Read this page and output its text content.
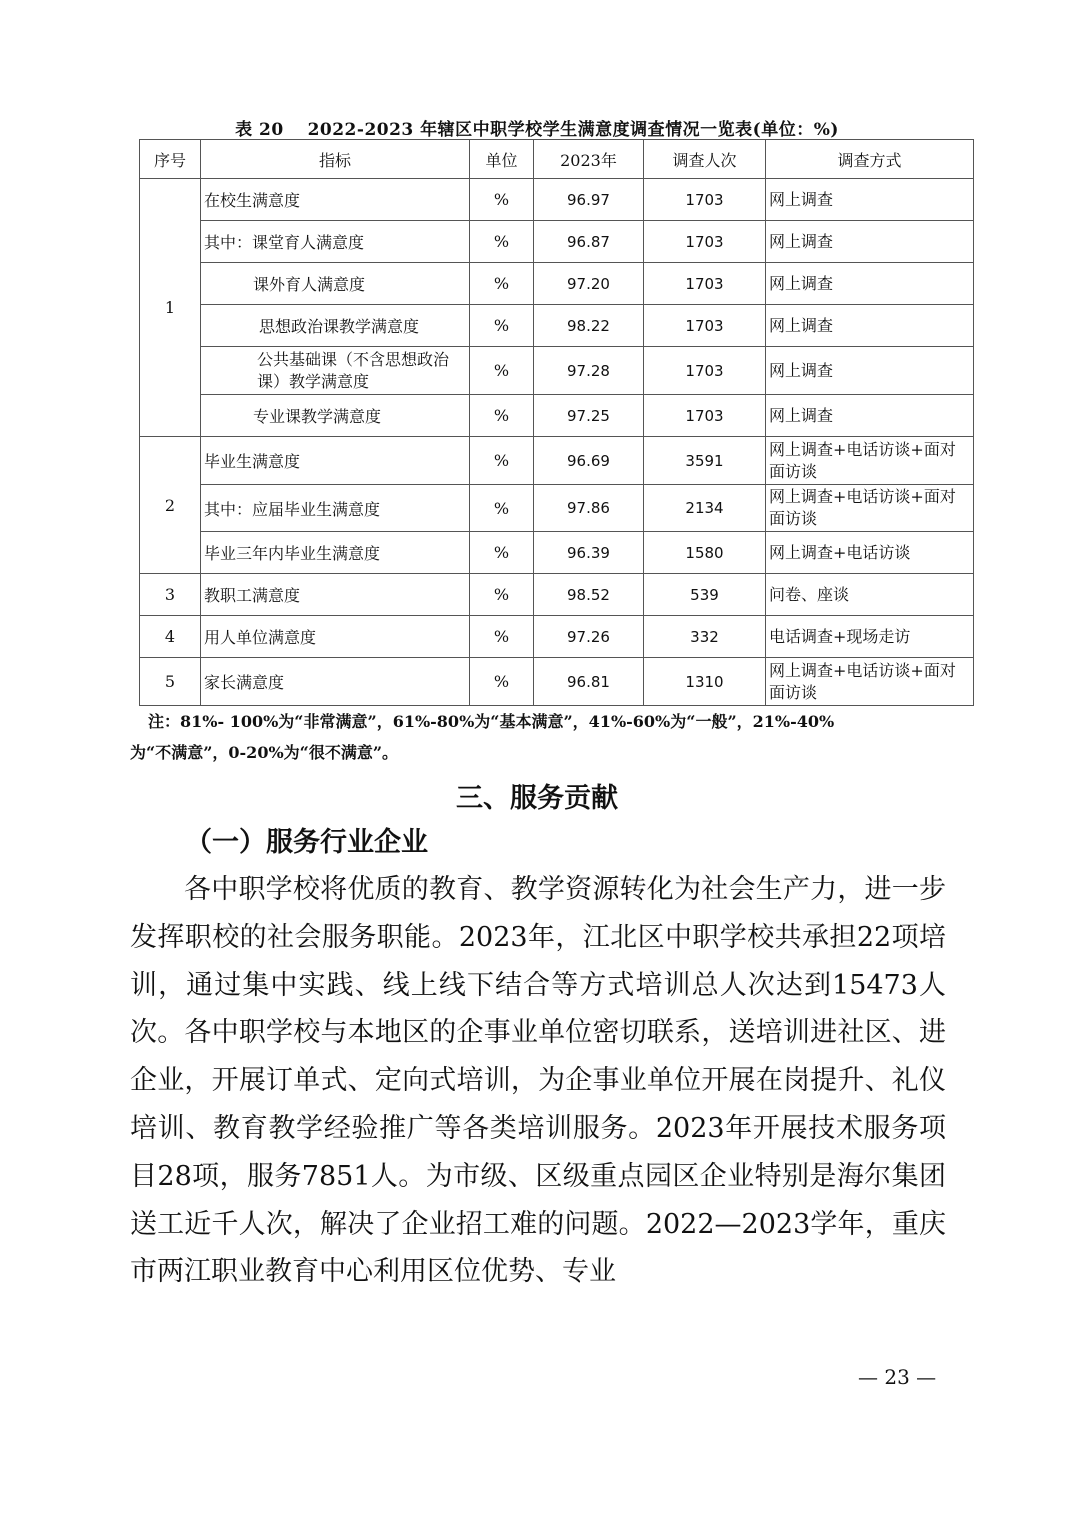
表 20　 2022-2023 年辖区中职学校学生满意度调查情况一览表(单位：%)
序号	指标	单位	2023年	调查人次	调查方式
1	在校生满意度	%	96.97	1703	网上调查
	其中：课堂育人满意度	%	96.87	1703	网上调查
	课外育人满意度	%	97.20	1703	网上调查
	思想政治课教学满意度	%	98.22	1703	网上调查
	公共基础课（不含思想政治课）教学满意度	%	97.28	1703	网上调查
	专业课教学满意度	%	97.25	1703	网上调查
2	毕业生满意度	%	96.69	3591	网上调查+电话访谈+面对面访谈
	其中：应届毕业生满意度	%	97.86	2134	网上调查+电话访谈+面对面访谈
	毕业三年内毕业生满意度	%	96.39	1580	网上调查+电话访谈
3	教职工满意度	%	98.52	539	问卷、座谈
4	用人单位满意度	%	97.26	332	电话调查+现场走访
5	家长满意度	%	96.81	1310	网上调查+电话访谈+面对面访谈
注：81%- 100%为“非常满意”，61%-80%为“基本满意”，41%-60%为“一般”，21%-40%
为“不满意”，0-20%为“很不满意”。
三、服务贡献
（一）服务行业企业

各中职学校将优质的教育、教学资源转化为社会生产力，进一步发挥职校的社会服务职能。2023年，江北区中职学校共承担22项培训，通过集中实践、线上线下结合等方式培训总人次达到15473人次。各中职学校与本地区的企事业单位密切联系，送培训进社区、进企业，开展订单式、定向式培训，为企事业单位开展在岗提升、礼仪培训、教育教学经验推广等各类培训服务。2023年开展技术服务项目28项，服务7851人。为市级、区级重点园区企业特别是海尔集团送工近千人次，解决了企业招工难的问题。2022—2023学年，重庆市两江职业教育中心利用区位优势、专业

— 23 —
